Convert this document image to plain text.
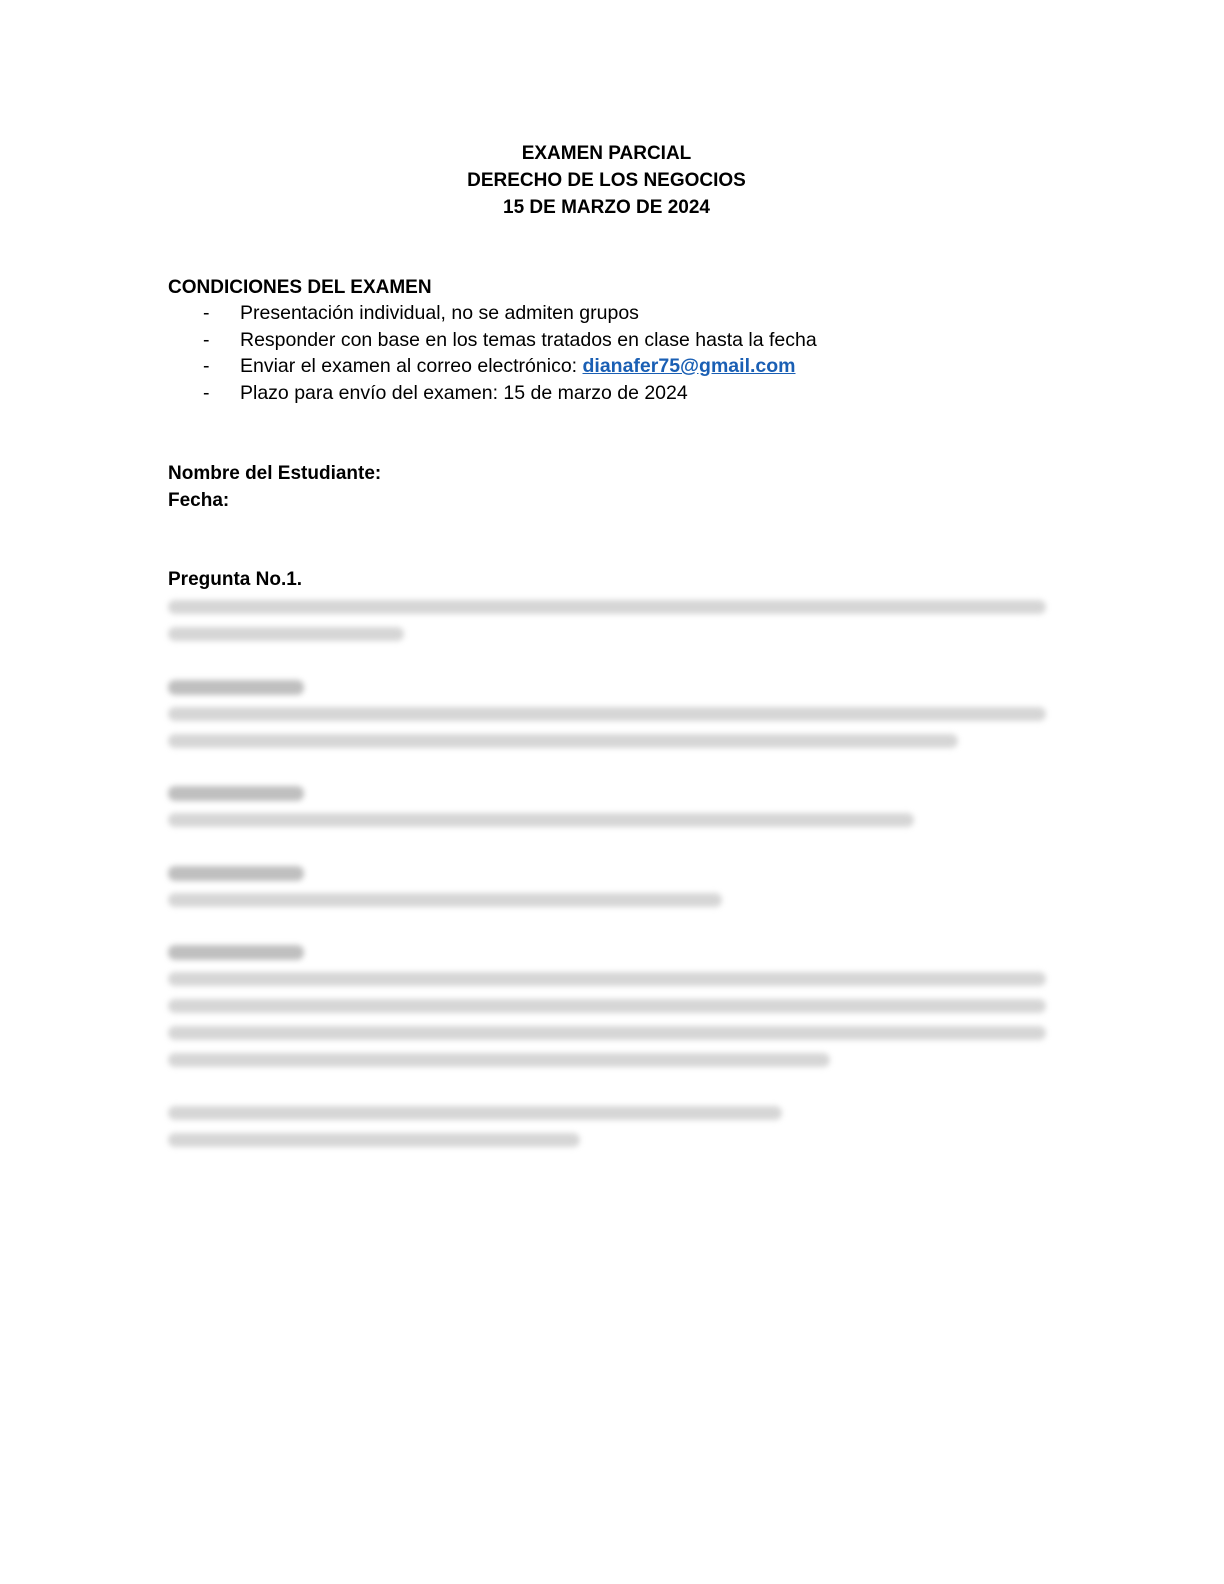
EXAMEN PARCIAL
DERECHO DE LOS NEGOCIOS
15 DE MARZO DE 2024
CONDICIONES DEL EXAMEN
- Presentación individual, no se admiten grupos
- Responder con base en los temas tratados en clase hasta la fecha
- Enviar el examen al correo electrónico: dianafer75@gmail.com
- Plazo para envío del examen: 15 de marzo de 2024
Nombre del Estudiante:
Fecha:
Pregunta No.1.
